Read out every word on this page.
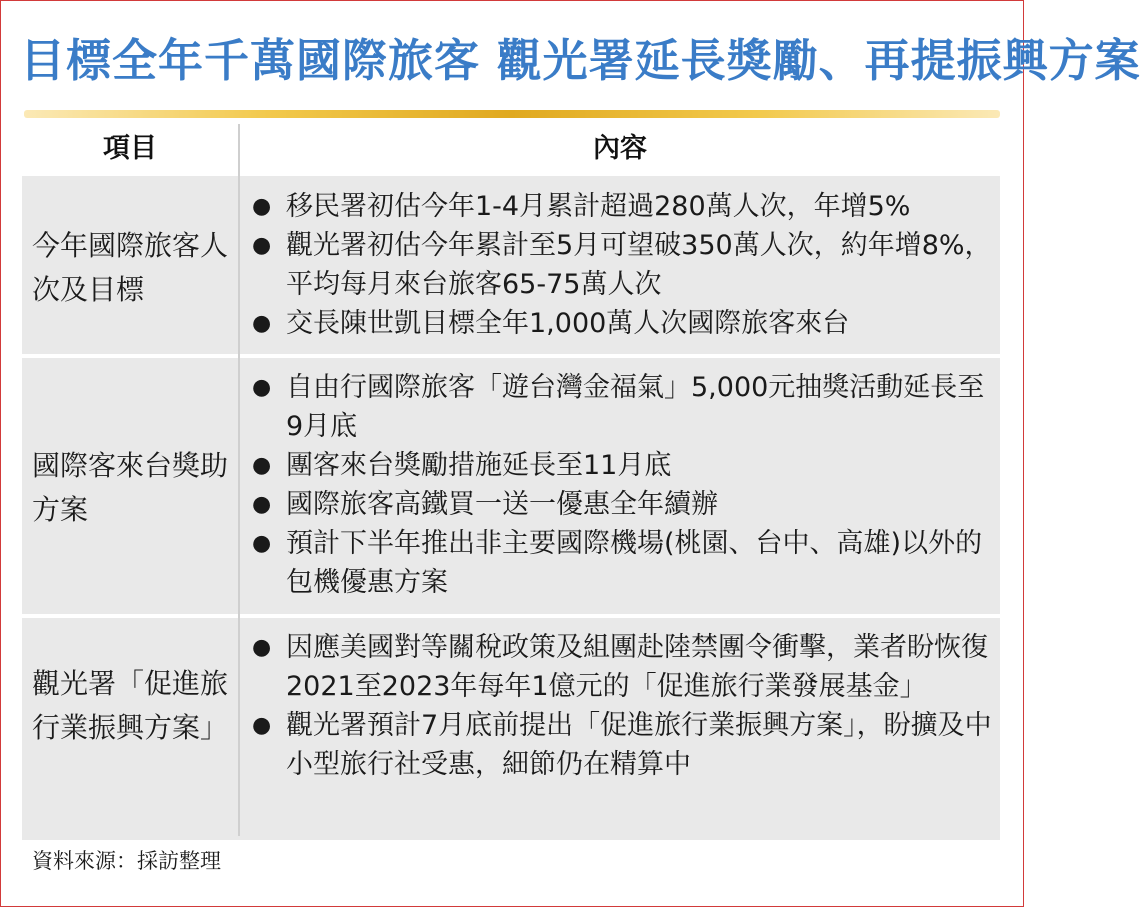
目標全年千萬國際旅客 觀光署延長獎勵、再提振興方案
項目	內容
今年國際旅客人次及目標
● 移民署初估今年1-4月累計超過280萬人次，年增5%
● 觀光署初估今年累計至5月可望破350萬人次，約年增8%，平均每月來台旅客65-75萬人次
● 交長陳世凱目標全年1,000萬人次國際旅客來台
國際客來台獎助方案
● 自由行國際旅客「遊台灣金福氣」5,000元抽獎活動延長至9月底
● 團客來台獎勵措施延長至11月底
● 國際旅客高鐵買一送一優惠全年續辦
● 預計下半年推出非主要國際機場(桃園、台中、高雄)以外的包機優惠方案
觀光署「促進旅行業振興方案」
● 因應美國對等關稅政策及組團赴陸禁團令衝擊，業者盼恢復2021至2023年每年1億元的「促進旅行業發展基金」
● 觀光署預計7月底前提出「促進旅行業振興方案」，盼擴及中小型旅行社受惠，細節仍在精算中
資料來源：採訪整理
